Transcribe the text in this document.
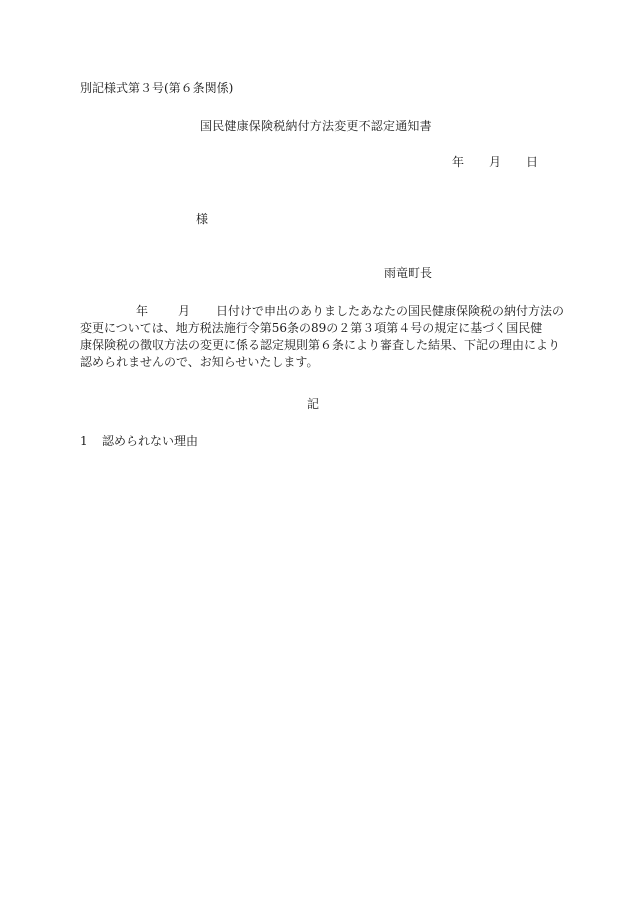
別記様式第３号(第６条関係)
国民健康保険税納付方法変更不認定通知書
年 月 日
様
雨竜町長
年	月 日付けで申出のありましたあなたの国民健康保険税の納付方法の
変更については、地方税法施行令第56条の89の２第３項第４号の規定に基づく国民健
康保険税の徴収方法の変更に係る認定規則第６条により審査した結果、下記の理由により
認められませんので、お知らせいたします。
記
1 認められない理由
